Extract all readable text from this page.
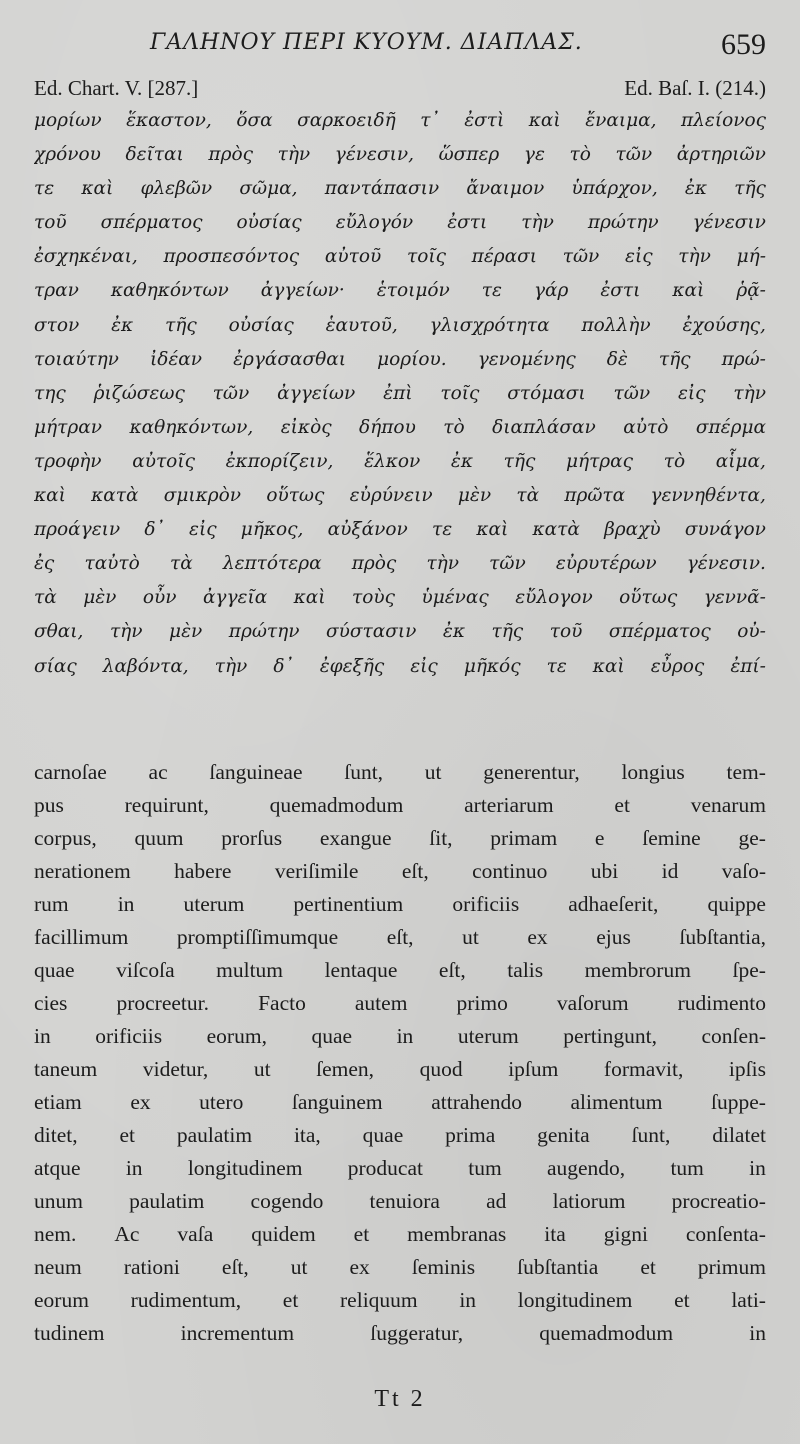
ΓΑΛΗΝΟΥ ΠΕΡΙ ΚΥΟΥΜ. ΔΙΑΠΛΑΣ.	659
Ed. Chart. V. [287.]	Ed. Baſ. I. (214.)
μορίων ἕκαστον, ὅσα σαρκοειδῆ τ᾽ ἐστὶ καὶ ἔναιμα, πλείονος
χρόνου δεῖται πρὸς τὴν γένεσιν, ὥσπερ γε τὸ τῶν ἀρτηριῶν
τε καὶ φλεβῶν σῶμα, παντάπασιν ἄναιμον ὑπάρχον, ἐκ τῆς
τοῦ σπέρματος οὐσίας εὔλογόν ἐστι τὴν πρώτην γένεσιν
ἐσχηκέναι, προσπεσόντος αὐτοῦ τοῖς πέρασι τῶν εἰς τὴν μή-
τραν καθηκόντων ἀγγείων· ἑτοιμόν τε γάρ ἐστι καὶ ῥᾷ-
στον ἐκ τῆς οὐσίας ἑαυτοῦ, γλισχρότητα πολλὴν ἐχούσης,
τοιαύτην ἰδέαν ἐργάσασθαι μορίου. γενομένης δὲ τῆς πρώ-
της ῥιζώσεως τῶν ἀγγείων ἐπὶ τοῖς στόμασι τῶν εἰς τὴν
μήτραν καθηκόντων, εἰκὸς δήπου τὸ διαπλάσαν αὐτὸ σπέρμα
τροφὴν αὐτοῖς ἐκπορίζειν, ἕλκον ἐκ τῆς μήτρας τὸ αἷμα,
καὶ κατὰ σμικρὸν οὕτως εὐρύνειν μὲν τὰ πρῶτα γεννηθέντα,
προάγειν δ᾽ εἰς μῆκος, αὐξάνον τε καὶ κατὰ βραχὺ συνάγον
ἐς ταὐτὸ τὰ λεπτότερα πρὸς τὴν τῶν εὐρυτέρων γένεσιν.
τὰ μὲν οὖν ἀγγεῖα καὶ τοὺς ὑμένας εὔλογον οὕτως γεννᾶ-
σθαι, τὴν μὲν πρώτην σύστασιν ἐκ τῆς τοῦ σπέρματος οὐ-
σίας λαβόντα, τὴν δ᾽ ἐφεξῆς εἰς μῆκός τε καὶ εὖρος ἐπί-
carnoſae ac ſanguineae ſunt, ut generentur, longius tem-
pus	requirunt,	quemadmodum	arteriarum	et	venarum
corpus, quum prorſus exangue ſit, primam e ſemine ge-
nerationem habere veriſimile eſt, continuo ubi id vaſo-
rum in uterum pertinentium orificiis adhaeſerit, quippe
facillimum promptiſſimumque eſt, ut ex ejus ſubſtantia,
quae viſcoſa multum lentaque eſt, talis membrorum ſpe-
cies procreetur. Facto autem primo vaſorum rudimento
in orificiis eorum, quae in uterum pertingunt, conſen-
taneum videtur, ut ſemen, quod ipſum formavit, ipſis
etiam ex utero ſanguinem attrahendo alimentum ſuppe-
ditet, et paulatim ita, quae prima genita ſunt, dilatet
atque in longitudinem producat tum augendo, tum in
unum paulatim cogendo tenuiora ad latiorum procreatio-
nem. Ac vaſa quidem et membranas ita gigni conſenta-
neum rationi eſt, ut ex ſeminis ſubſtantia et primum
eorum rudimentum, et reliquum in longitudinem et lati-
tudinem	incrementum	ſuggeratur,	quemadmodum	in
Tt 2
